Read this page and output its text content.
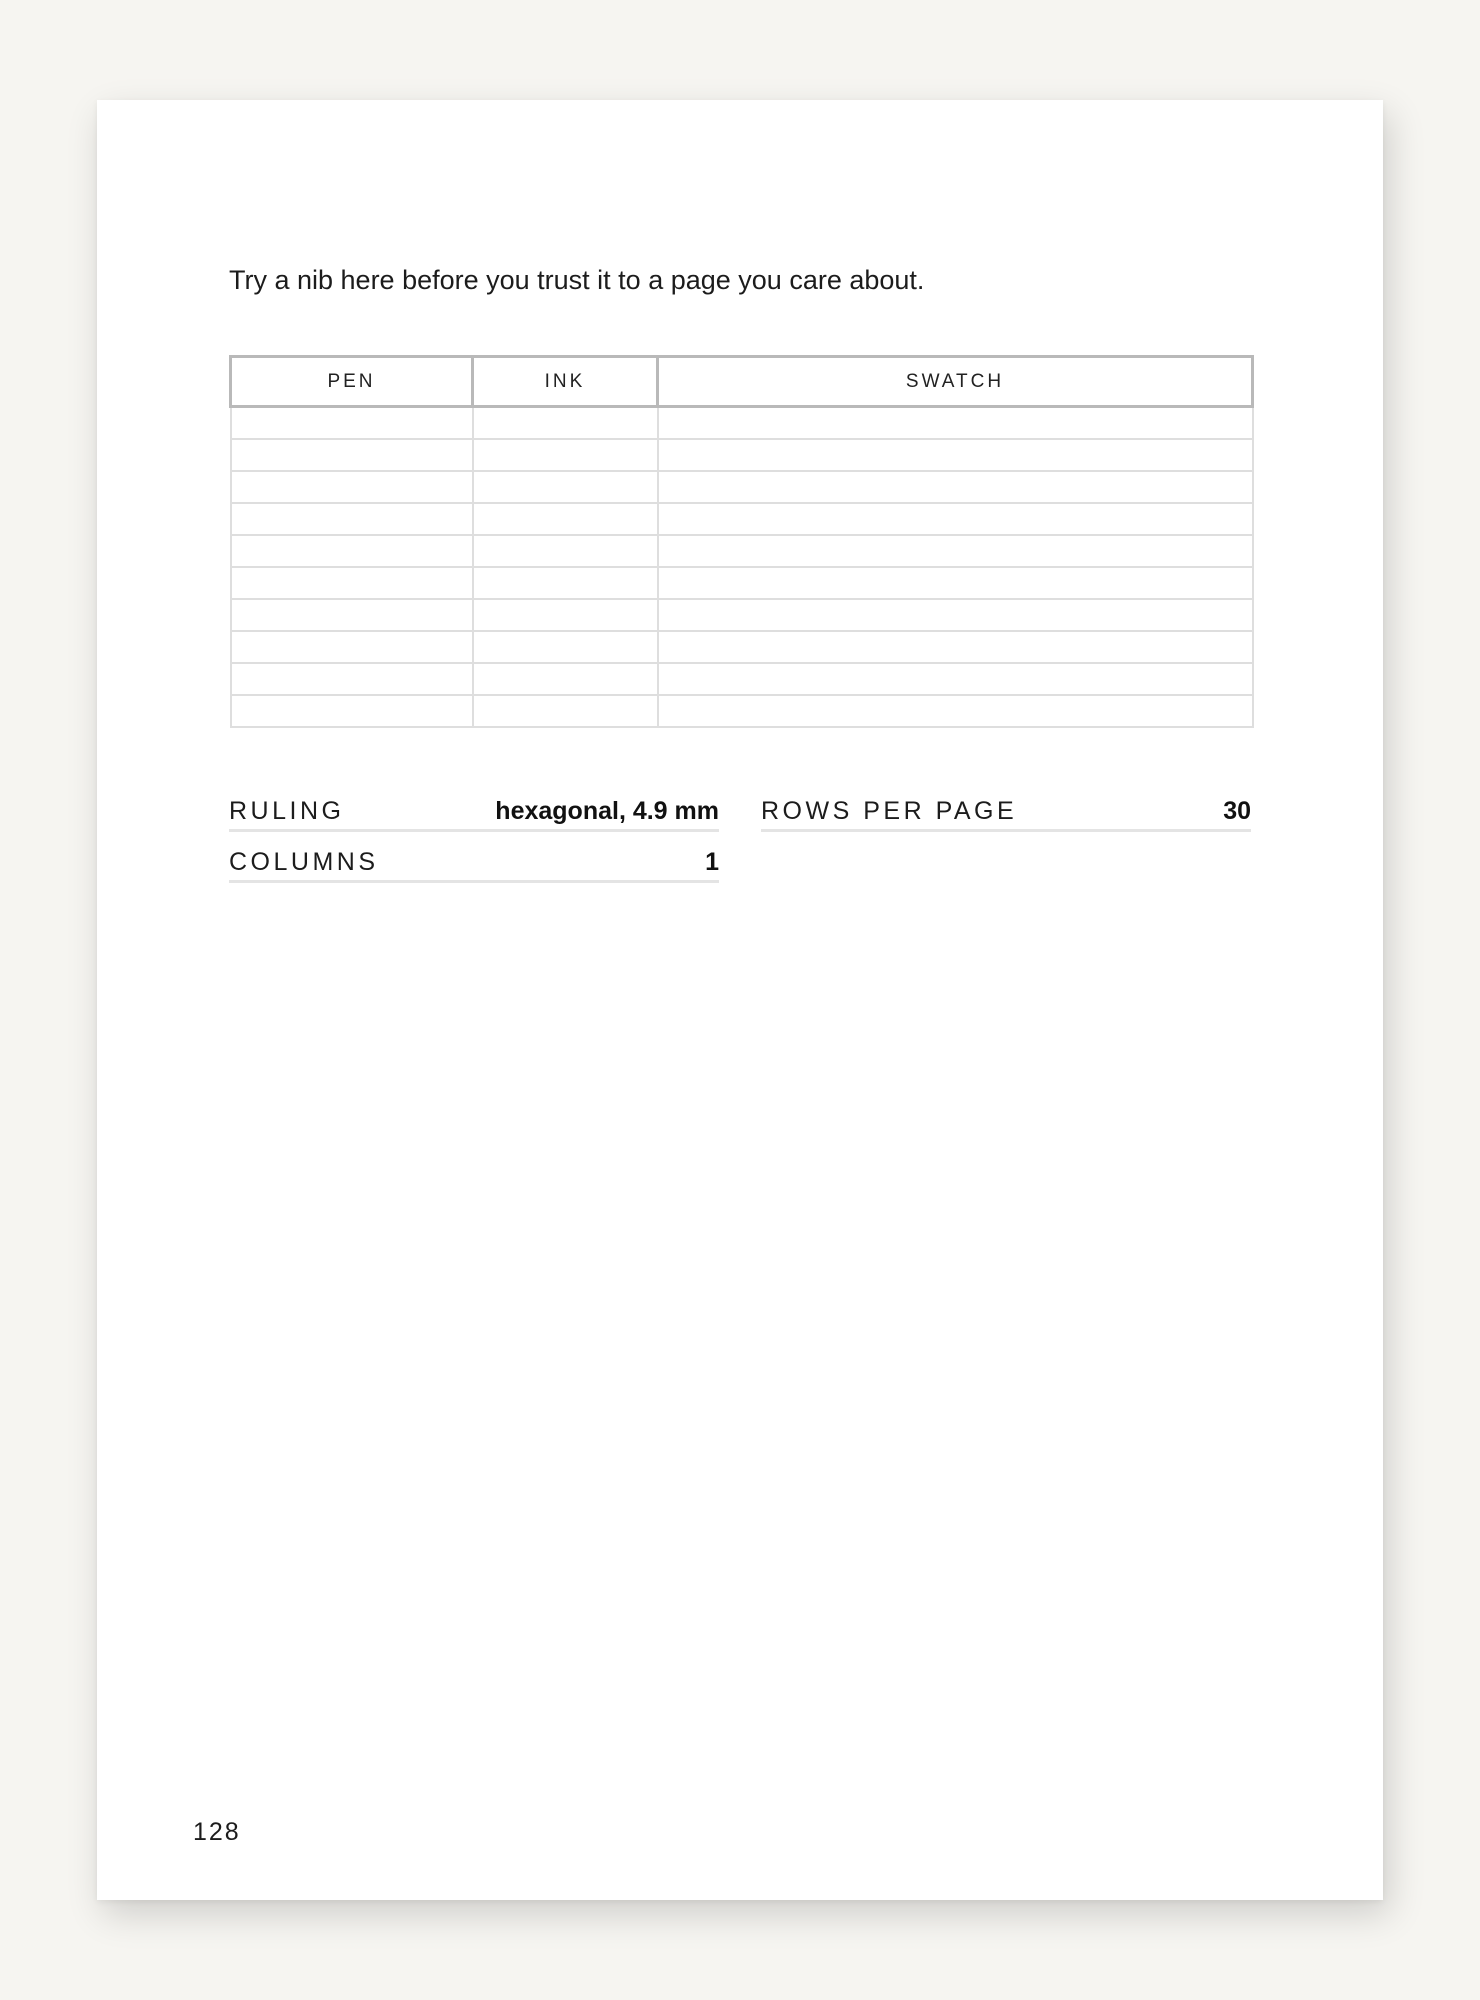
Try a nib here before you trust it to a page you care about.

PEN	INK	SWATCH

RULING	hexagonal, 4.9 mm
COLUMNS	1
ROWS PER PAGE	30
128
